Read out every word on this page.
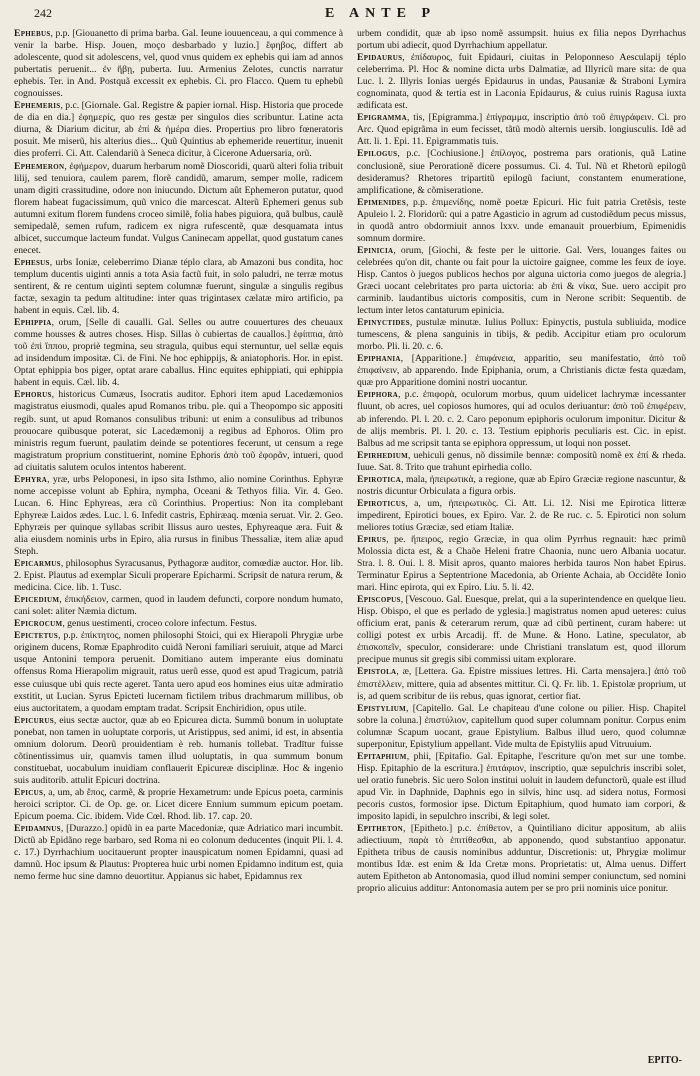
242	E ANTE P

Ephebus, p.p. [Giouanetto di prima barba. Gal. Ieune iouuenceau, a qui commence à venir la barbe. Hisp. Jouen, moço desbarbado y luzio.] ἔφηβος, differt ab adolescente, quod sit adolescens, vel, quod vnus quidem ex ephebis qui iam ad annos pubertatis peruenit... ἐν ἥβῃ, puberta. Iuu. Armenius Zelotes, cunctis narratur ephebis. Ter. in And. Postquã excessit ex ephebis. Ci. pro Flacco. Quem tu ephebũ cognouisses.

Ephemeris, p.c. [Giornale. Gal. Registre & papier iornal. Hisp. Historia que procede de dia en dia.] ἐφημερίς, quo res gestæ per singulos dies scribuntur. Latine acta diurna, & Diarium dicitur, ab ἐπί & ἡμέρα dies. Propertius pro libro fœneratoris posuit. Me miserũ, his alterius dies... Quũ Quintius ab ephemeride reuertitur, inuenit dies proferri. Ci. Att. Calendariũ à Seneca dicitur, à Cicerone Aduersaria, orũ.

Ephemeron, ἐφήμερον, duarum herbarum nomẽ Dioscoridi, quarũ alteri folia tribuit lilij, sed tenuiora, caulem parem, florẽ candidũ, amarum, semper molle, radicem unam digiti crassitudine, odore non iniucundo. Dictum aũt Ephemeron putatur, quod florem habeat fugacissimum, quũ vnico die marcescat. Alterũ Ephemeri genus sub autumni exitum florem fundens croceo similẽ, folia habes piguiora, quã bulbus, caulẽ semipedalẽ, semen rufum, radicem ex nigra rufescentẽ, quæ desquamata intus albicet, succumque lacteum fundat. Vulgus Caninecam appellat, quod gustatum canes enecet.

Ephesus, urbs Ioniæ, celeberrimo Dianæ téplo clara, ab Amazoni bus condita, hoc templum ducentis uiginti annis a tota Asia factũ fuit, in solo paludri, ne terræ motus sentirent, & re centum uiginti septem columnæ fuerunt, singulæ a singulis regibus factæ, sexagin ta pedum altitudine: inter quas trigintasex cælatæ miro artificio, pa habent in equis. Cæl. lib. 4.

Ephippia, orum, [Selle di caualli. Gal. Selles ou autre couuertures des cheuaux comme housses & autres choses. Hisp. Sillas ò cubiertas de cauallos.] ἐφίππια, ἀπὸ τοῦ ἐπὶ ἵππου, propriè tegmina, seu stragula, quibus equi sternuntur, uel sellæ equis ad insidendum impositæ. Ci. de Fini. Ne hoc ephippijs, & aniatophoris. Hor. in epist. Optat ephippia bos piger, optat arare caballus. Hinc equites ephippiati, qui ephippia habent in equis. Cæl. lib. 4.

Ephorus, historicus Cumæus, Isocratis auditor. Ephori item apud Lacedæmonios magistratus eiusmodi, quales apud Romanos tribu. ple. qui a Theopompo sic appositi regib. sunt, ut apud Romanos consulibus tribuni: ut enim a consulibus ad tribunos prouocare quibusque poterat, sic Lacedæmonij a regibus ad Ephoros. Olim pro ministris regum fuerunt, paulatim deinde se potentiores fecerunt, ut censum a rege magistratum proprium constituerint, nomine Ephoris ἀπὸ τοῦ ἐφορᾶν, intueri, quod ad ciuitatis salutem oculos intentos haberent.

Ephyra, yræ, urbs Peloponesi, in ipso sita Isthmo, alio nomine Corinthus. Ephyræ nome accepisse volunt ab Ephira, nympha, Oceani & Tethyos filia. Vir. 4. Geo. Lucan. 6. Hinc Ephyreas, æra cũ Corinthius. Propertius: Non ita complebant Ephyreæ Laidos ædes. Luc. l. 6. Infedit castris, Ephiræaq. mœnia seruat. Vir. 2. Geo. Ephyræis per quinque syllabas scribit Ilissus auro uestes, Ephyreaque æra. Fuit & alia eiusdem nominis urbs in Epiro, alia rursus in finibus Thessaliæ, item aliæ apud Steph.

Epicarmus, philosophus Syracusanus, Pythagoræ auditor, comœdiæ auctor. Hor. lib. 2. Epist. Plautus ad exemplar Siculi properare Epicharmi. Scripsit de natura rerum, & medicina. Cice. lib. 1. Tusc.

Epicedium, ἐπικήδειον, carmen, quod in laudem defuncti, corpore nondum humato, cani solet: aliter Næmia dictum.

Epicrocum, genus uestimenti, croceo colore infectum. Festus.

Epictetus, p.p. ἐπίκτητος, nomen philosophi Stoici, qui ex Hierapoli Phrygiæ urbe originem ducens, Romæ Epaphrodito cuidã Neroni familiari seruiuit, atque ad Marci usque Antonini tempora peruenit. Domitiano autem imperante eius dominatu offensus Roma Hierapolim migrauit, ratus uerũ esse, quod est apud Tragicum, patriã esse cuiusque ubi quis recte ageret. Tanta uero apud eos homines eius uitæ admiratio exstitit, ut Lucian. Syrus Epicteti lucernam fictilem tribus drachmarum millibus, ob eius auctoritatem, a quodam emptam tradat. Scripsit Enchiridion, opus utile.

Epicurus, eius sectæ auctor, quæ ab eo Epicurea dicta. Summũ bonum in uoluptate ponebat, non tamen in uoluptate corporis, ut Aristippus, sed animi, id est, in absentia omnium dolorum. Deorũ prouidentiam è reb. humanis tollebat. Tradītur fuisse cõtinentissimus uir, quamvis tamen illud uoluptatis, in qua summum bonum constituebat, uocabulum inuidiam conflauerit Epicureæ disciplinæ. Hoc & ingenio suis auditorib. attulit Epicuri doctrina.

Epicus, a, um, ab ἔπος, carmẽ, & proprie Hexametrum: unde Epicus poeta, carminis heroici scriptor. Ci. de Op. ge. or. Licet dicere Ennium summum epicum poetam. Epicum poema. Cic. ibidem. Vide Cœl. Rhod. lib. 17. cap. 20.

Epidamnus, [Durazzo.] opidũ in ea parte Macedoniæ, quæ Adriatico mari incumbit. Dictũ ab Epidãno rege barbaro, sed Roma ni eo colonum deducentes (inquit Pli. l. 4. c. 17.) Dyrrhachium uocitauerunt propter inauspicatum nomen Epidamni, quasi ad damnũ. Hoc ipsum & Plautus: Propterea huic urbi nomen Epidamno inditum est, quia nemo ferme huc sine damno deuortitur. Appianus sic habet, Epidamnus rex

urbem condidit, quæ ab ipso nomẽ assumpsit. huius ex filia nepos Dyrrhachus portum ubi adiecit, quod Dyrrhachium appellatur.

Epidaurus, ἐπίδαυρος, fuit Epidauri, ciuitas in Peloponneso Aesculapij téplo celeberrima. Pl. Hoc & nomine dicta urbs Dalmatiæ, ad Illyricũ mare sita: de qua Luc. l. 2. Illyris Ionias uergés Epidaurus in undas, Pausaniæ & Straboni Lymira cognominata, quod & tertia est in Laconia Epidaurus, & cuius ruinis Ragusa iuxta ædificata est.

Epigramma, tis, [Epigramma.] ἐπίγραμμα, inscriptio ἀπὸ τοῦ ἐπιγράφειν. Ci. pro Arc. Quod epigrãma in eum fecisset, tãtũ modò alternis uersib. longiusculis. Idẽ ad Att. li. 1. Epi. 11. Epigrammatis tuis.

Epilogus, p.c. [Cochiusione.] ἐπίλογος, postrema pars orationis, quã Latine conclusionẽ, siue Perorationẽ dicere possumus. Ci. 4. Tul. Nũ et Rhetorũ epilogũ desideramus? Rhetores tripartitũ epilogũ faciunt, constantem enumeratione, amplificatione, & cõmiseratione.

Epimenides, p.p. ἐπιμενίδης, nomẽ poetæ Epicuri. Hic fuit patria Cretẽsis, teste Apuleio l. 2. Floridorũ: qui a patre Agasticio in agrum ad custodiẽdum pecus missus, in quodã antro obdormiuit annos lxxv. unde emanauit prouerbium, Epimenidis somnum dormire.

Epinicia, orum, [Giochi, & feste per le uittorie. Gal. Vers, louanges faites ou celebrées qu'on dit, chante ou fait pour la uictoire gaignee, comme les feux de ioye. Hisp. Cantos ò juegos publicos hechos por alguna uictoria como juegos de alegria.] Græci uocant celebritates pro parta uictoria: ab ἐπὶ & νίκα, Sue. uero accipit pro carminib. laudantibus uictoris compositis, cum in Nerone scribit: Sequentib. de lectum inter letos cantaturum epinicia.

Epinyctides, pustulæ minutæ. Iulius Pollux: Epinyctis, pustula subliuida, modice tumescens, & plena sanguinis in tibijs, & pedib. Accipitur etiam pro oculorum morbo. Pli. li. 20. c. 6.

Epiphania, [Apparitione.] ἐπιφάνεια, apparitio, seu manifestatio, ἀπὸ τοῦ ἐπιφαίνειν, ab apparendo. Inde Epiphania, orum, a Christianis dictæ festa quædam, quæ pro Apparitione domini nostri uocantur.

Epiphora, p.c. ἐπιφορὰ, oculorum morbus, quum uidelicet lachrymæ incessanter fluunt, ob acres, uel copiosos humores, qui ad oculos deriuantur: ἀπὸ τοῦ ἐπιφέρειν, ab inferendo. Pl. l. 20. c. 2. Caro peponum epiphoris oculorum imponitur. Dicitur & de alijs membris. Pl. l. 20. c. 13. Testium epiphoris peculiaris est. Cic. in epist. Balbus ad me scripsit tanta se epiphora oppressum, ut loqui non posset.

Epirhedium, uehiculi genus, nõ dissimile bennæ: compositũ nomẽ ex ἐπί & rheda. Iuue. Sat. 8. Trito que trahunt epirhedia collo.

Epirotica, mala, ἠπειρωτικὰ, a regione, quæ ab Epiro Græciæ regione nascuntur, & nostris dicuntur Orbiculata a figura orbis.

Epiroticus, a, um, ἠπειρωτικὸς. Ci. Att. Li. 12. Nisi me Epirotica litteræ impedirent, Epirotici boues, ex Epiro. Var. 2. de Re ruc. c. 5. Epirotici non solum meliores totius Græciæ, sed etiam Italiæ.

Epirus, pe. ἤπειρος, regio Græciæ, in qua olim Pyrrhus regnauit: hæc primũ Molossia dicta est, & a Chaõe Heleni fratre Chaonia, nunc uero Albania uocatur. Stra. l. 8. Oui. l. 8. Misit apros, quanto maiores herbida tauros Non habet Epirus. Terminatur Epirus a Septentrione Macedonia, ab Oriente Achaia, ab Occidẽte Ionio mari. Hinc epirota, qui ex Epiro. Liu. 5. li. 42.

Episcopus, [Vescouo. Gal. Euesque, prelat, qui a la superintendence en quelque lieu. Hisp. Obispo, el que es perlado de yglesia.] magistratus nomen apud ueteres: cuius officium erat, panis & ceterarum rerum, quæ ad cibũ pertinent, curam habere: ut colligi potest ex urbis Arcadij. ff. de Mune. & Hono. Latine, speculator, ab ἐπισκοπεῖν, speculor, considerare: unde Christiani translatum est, quod illorum precipue munus sit gregis sibi commissi uitam explorare.

Epistola, æ, [Lettera. Ga. Epistre missiues lettres. Hi. Carta mensajera.] ἀπὸ τοῦ ἐπιστέλλειν, mittere, quia ad absentes mittitur. Ci. Q. Fr. lib. 1. Epistolæ proprium, ut is, ad quem scribitur de iis rebus, quas ignorat, certior fiat.

Epistylium, [Capitello. Gal. Le chapiteau d'une colone ou pilier. Hisp. Chapitel sobre la coluna.] ἐπιστύλιον, capitellum quod super columnam ponitur. Corpus enim columnæ Scapum uocant, graue Epistylium. Balbus illud uero, quod columnæ superponitur, Epistylium appellant. Vide multa de Epistyliis apud Vitruuium.

Epitaphium, phii, [Epitafio. Gal. Epitaphe, l'escriture qu'on met sur une tombe. Hisp. Epitaphio de la escritura.] ἐπιτάφιον, inscriptio, quæ sepulchris inscribi solet, uel oratio funebris. Sic uero Solon institui uoluit in laudem defunctorũ, quale est illud apud Vir. in Daphnide, Daphnis ego in silvis, hinc usq. ad sidera notus, Formosi pecoris custos, formosior ipse. Dictum Epitaphium, quod humato iam corpori, & imposito lapidi, in sepulchro inscribi, & legi solet.

Epitheton, [Epitheto.] p.c. ἐπίθετον, a Quintiliano dicitur appositum, ab aliis adiectiuum, παρὰ τὸ ἐπιτίθεσθαι, ab apponendo, quod substantiuo apponatur. Epitheta tribus de causis nominibus adduntur, Discretionis: ut, Phrygiæ molimur montibus Idæ. est enim & Ida Cretæ mons. Proprietatis: ut, Alma uenus. Differt autem Epitheton ab Antonomasia, quod illud nomini semper coniunctum, sed nomini proprio alicuius additur: Antonomasia autem per se pro prii nominis uice ponitur.

EPITO-
